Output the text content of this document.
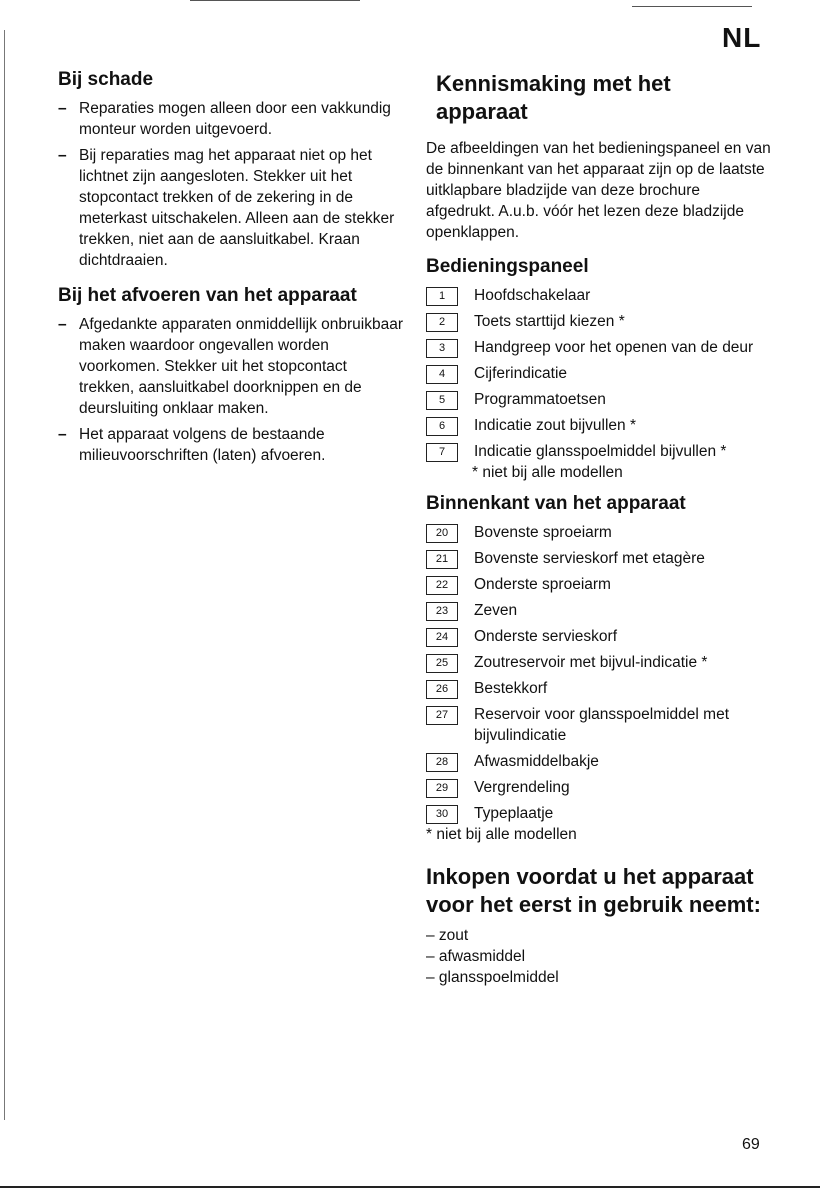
NL
Bij schade
– Reparaties mogen alleen door een vakkundig monteur worden uitgevoerd.
– Bij reparaties mag het apparaat niet op het lichtnet zijn aangesloten. Stekker uit het stopcontact trekken of de zekering in de meterkast uitschakelen. Alleen aan de stekker trekken, niet aan de aansluitkabel. Kraan dichtdraaien.
Bij het afvoeren van het apparaat
– Afgedankte apparaten onmiddellijk onbruikbaar maken waardoor ongevallen worden voorkomen. Stekker uit het stopcontact trekken, aansluitkabel doorknippen en de deursluiting onklaar maken.
– Het apparaat volgens de bestaande milieuvoorschriften (laten) afvoeren.
Kennismaking met het apparaat

De afbeeldingen van het bedieningspaneel en van de binnenkant van het apparaat zijn op de laatste uitklapbare bladzijde van deze brochure afgedrukt. A.u.b. vóór het lezen deze bladzijde openklappen.

Bedieningspaneel
1	Hoofdschakelaar
2	Toets starttijd kiezen *
3	Handgreep voor het openen van de deur
4	Cijferindicatie
5	Programmatoetsen
6	Indicatie zout bijvullen *
7	Indicatie glansspoelmiddel bijvullen *
* niet bij alle modellen
Binnenkant van het apparaat
20	Bovenste sproeiarm
21	Bovenste servieskorf met etagère
22	Onderste sproeiarm
23	Zeven
24	Onderste servieskorf
25	Zoutreservoir met bijvul-indicatie *
26	Bestekkorf
27	Reservoir voor glansspoelmiddel met bijvulindicatie
28	Afwasmiddelbakje
29	Vergrendeling
30	Typeplaatje
* niet bij alle modellen
Inkopen voordat u het apparaat voor het eerst in gebruik neemt:
– zout
– afwasmiddel
– glansspoelmiddel
69
